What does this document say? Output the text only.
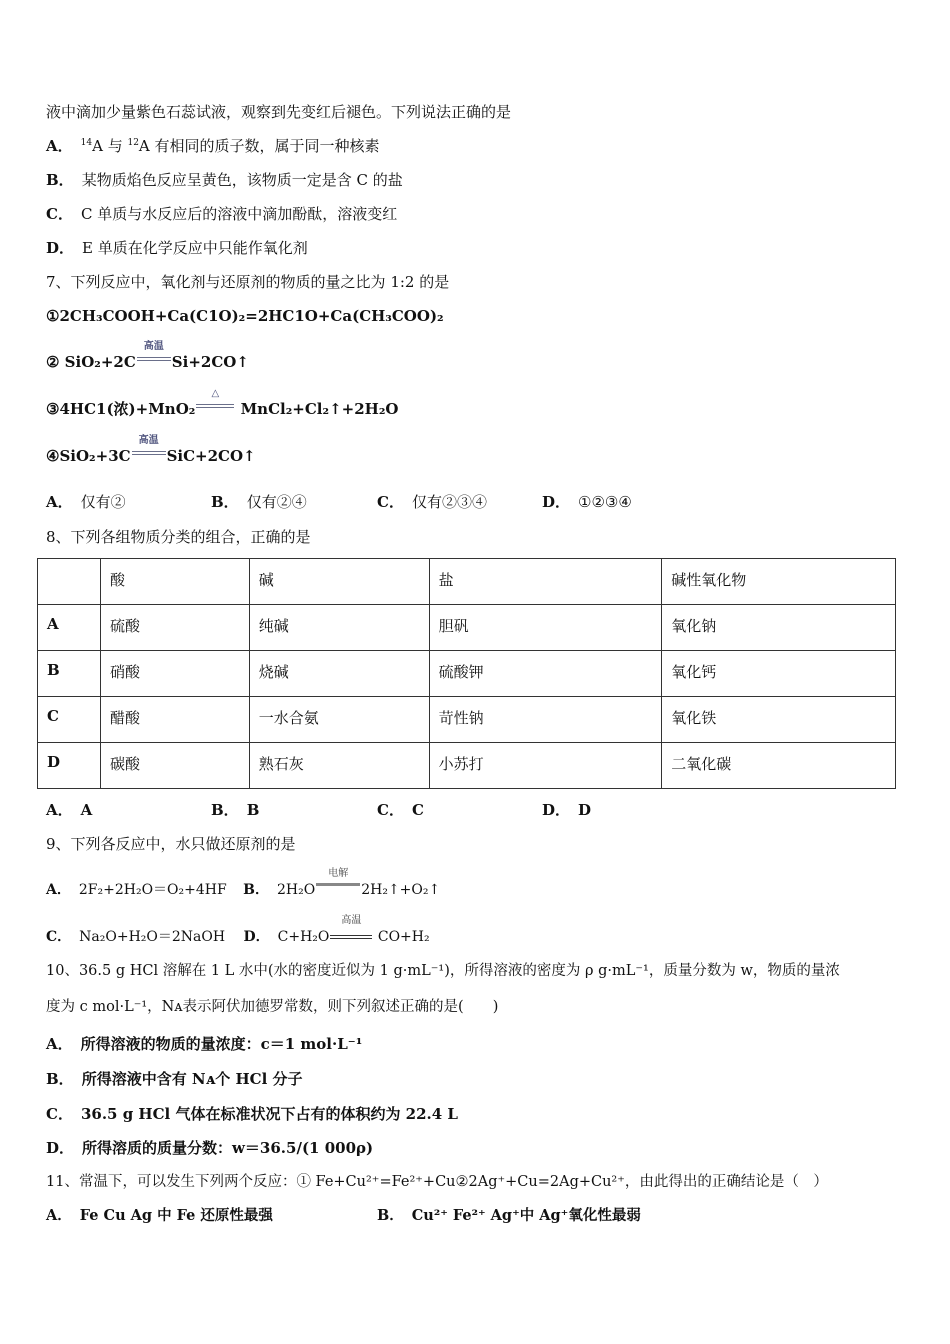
液中滴加少量紫色石蕊试液，观察到先变红后褪色。下列说法正确的是
A． $^{14}$A 与 $^{12}$A 有相同的质子数，属于同一种核素
B． 某物质焰色反应呈黄色，该物质一定是含 C 的盐
C． C 单质与水反应后的溶液中滴加酚酞，溶液变红
D． E 单质在化学反应中只能作氧化剂
7、下列反应中，氧化剂与还原剂的物质的量之比为 1:2 的是
①2CH₃COOH+Ca(C1O)₂=2HC1O+Ca(CH₃COO)₂
② SiO₂+2C
高温
Si+2CO↑
③4HC1(浓)+MnO₂
△
MnCl₂+Cl₂↑+2H₂O
④SiO₂+3C
高温
SiC+2CO↑
A． 仅有②	B． 仅有②④	C． 仅有②③④	D． ①②③④
8、下列各组物质分类的组合，正确的是
	酸	碱	盐	碱性氧化物
A	硫酸	纯碱	胆矾	氧化钠
B	硝酸	烧碱	硫酸钾	氧化钙
C	醋酸	一水合氨	苛性钠	氧化铁
D	碳酸	熟石灰	小苏打	二氧化碳
A． A	B． B	C． C	D． D
9、下列各反应中，水只做还原剂的是
A． 2F₂+2H₂O＝O₂+4HF B． 2H₂O
电解
2H₂↑+O₂↑
C． Na₂O+H₂O＝2NaOH D． C+H₂O
高温
CO+H₂
10、36.5 g HCl 溶解在 1 L 水中(水的密度近似为 1 g·mL⁻¹)，所得溶液的密度为 ρ g·mL⁻¹，质量分数为 w，物质的量浓
度为 c mol·L⁻¹，Nᴀ表示阿伏加德罗常数，则下列叙述正确的是(　　)
A． 所得溶液的物质的量浓度：c＝1 mol·L⁻¹
B． 所得溶液中含有 Nᴀ个 HCl 分子
C． 36.5 g HCl 气体在标准状况下占有的体积约为 22.4 L
D． 所得溶质的质量分数：w＝36.5/(1 000ρ)
11、常温下，可以发生下列两个反应：① Fe+Cu²⁺=Fe²⁺+Cu②2Ag⁺+Cu=2Ag+Cu²⁺，由此得出的正确结论是（　）
A． Fe Cu Ag 中 Fe 还原性最强	B． Cu²⁺ Fe²⁺ Ag⁺中 Ag⁺氧化性最弱
